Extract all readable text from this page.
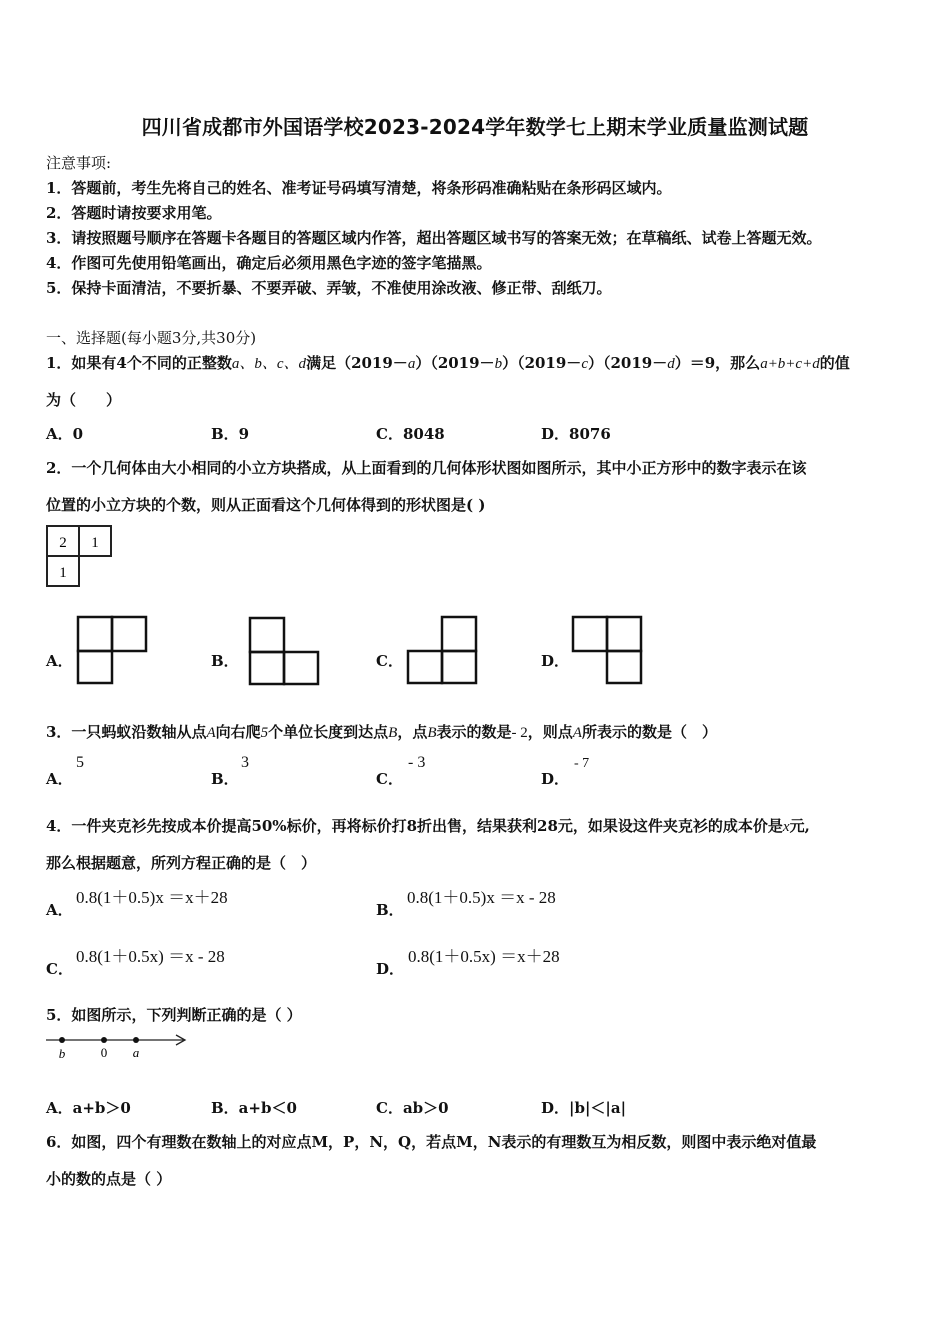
四川省成都市外国语学校2023-2024学年数学七上期末学业质量监测试题
注意事项:
1．答题前，考生先将自己的姓名、准考证号码填写清楚，将条形码准确粘贴在条形码区域内。
2．答题时请按要求用笔。
3．请按照题号顺序在答题卡各题目的答题区域内作答，超出答题区域书写的答案无效；在草稿纸、试卷上答题无效。
4．作图可先使用铅笔画出，确定后必须用黑色字迹的签字笔描黑。
5．保持卡面清洁，不要折暴、不要弄破、弄皱，不准使用涂改液、修正带、刮纸刀。
一、选择题(每小题3分,共30分)
1．如果有4个不同的正整数a、b、c、d满足（2019－a）（2019－b）（2019－c）（2019－d）＝9，那么a+b+c+d的值
为（　　）
A．0	B．9	C．8048	D．8076
2．一个几何体由大小相同的小立方块搭成，从上面看到的几何体形状图如图所示，其中小正方形中的数字表示在该
位置的小立方块的个数，则从正面看这个几何体得到的形状图是( )
2 1
1
A．	B．	C．	D．
3．一只蚂蚁沿数轴从点A向右爬5个单位长度到达点B，点B表示的数是- 2，则点A所表示的数是（　）
A．
5
B．
3
C．
- 3
D．
- 7
4．一件夹克衫先按成本价提高50%标价，再将标价打8折出售，结果获利28元，如果设这件夹克衫的成本价是x元,
那么根据题意，所列方程正确的是（　）
A．
0.8(1＋0.5)x ＝x＋28
B．
0.8(1＋0.5)x ＝x - 28
C．
0.8(1＋0.5x) ＝x - 28
D．
0.8(1＋0.5x) ＝x＋28
5．如图所示，下列判断正确的是（ ）
b	0 a
A．a+b＞0	B．a+b＜0	C．ab＞0	D．|b|＜|a|
6．如图，四个有理数在数轴上的对应点M，P，N，Q，若点M，N表示的有理数互为相反数，则图中表示绝对值最
小的数的点是（ ）
